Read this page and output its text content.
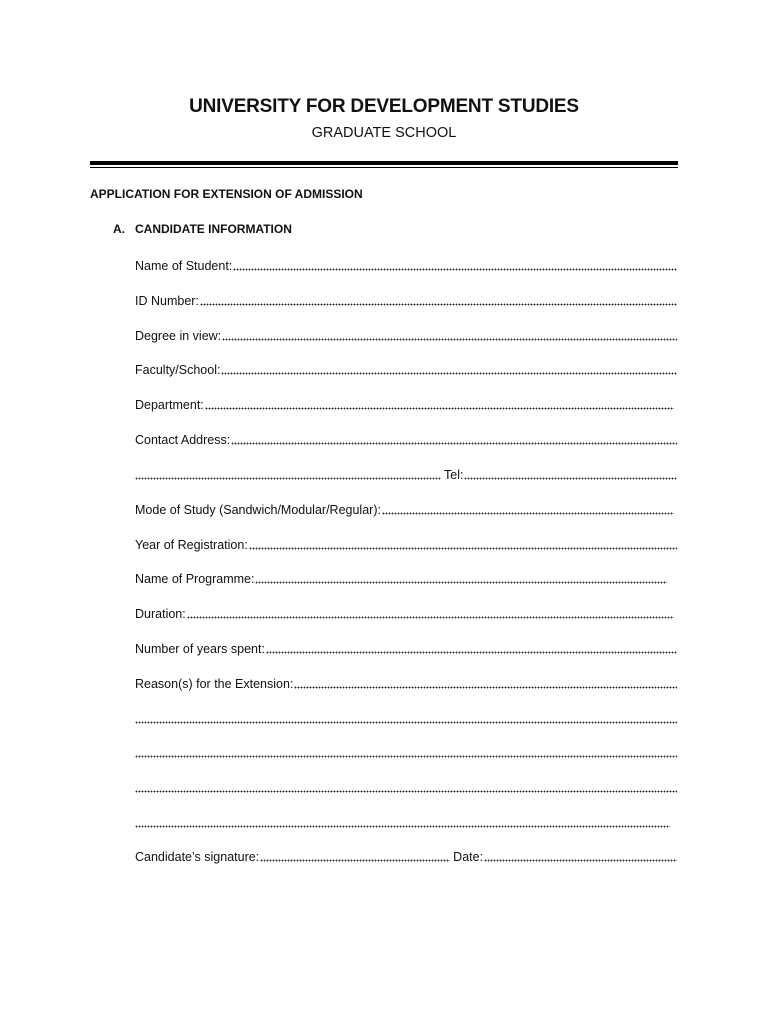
UNIVERSITY FOR DEVELOPMENT STUDIES
GRADUATE SCHOOL
APPLICATION FOR EXTENSION OF ADMISSION
A. CANDIDATE INFORMATION
Name of Student:
ID Number:
Degree in view:
Faculty/School:
Department:
Contact Address:
Tel:
Mode of Study (Sandwich/Modular/Regular):
Year of Registration:
Name of Programme:
Duration:
Number of years spent:
Reason(s) for the Extension:
Candidate’s signature:	Date:
